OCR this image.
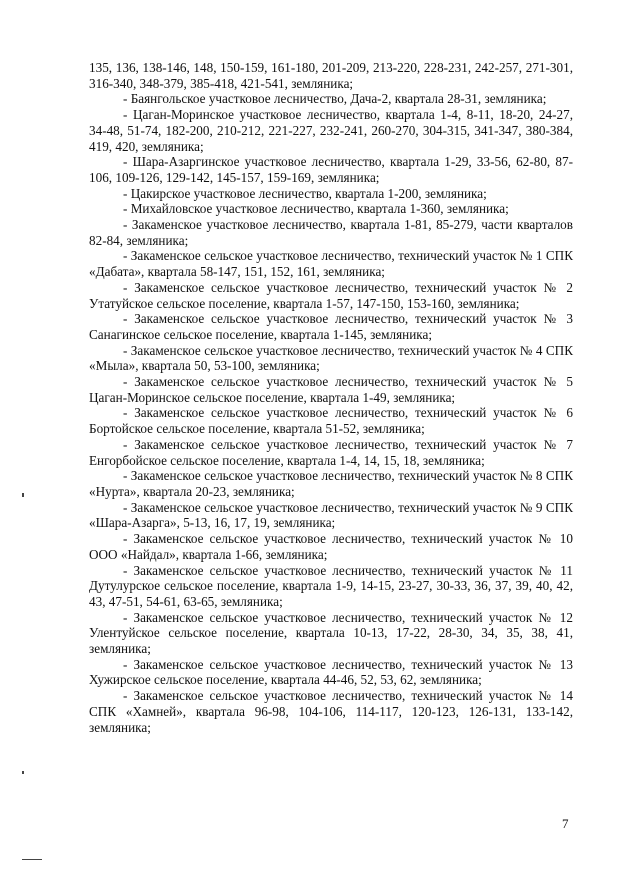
135, 136, 138-146, 148, 150-159, 161-180, 201-209, 213-220, 228-231, 242-257, 271-301, 316-340, 348-379, 385-418, 421-541, земляника;

- Баянгольское участковое лесничество, Дача-2, квартала 28-31, земляника;

- Цаган-Моринское участковое лесничество, квартала 1-4, 8-11, 18-20, 24-27, 34-48, 51-74, 182-200, 210-212, 221-227, 232-241, 260-270, 304-315, 341-347, 380-384, 419, 420, земляника;

- Шара-Азаргинское участковое лесничество, квартала 1-29, 33-56, 62-80, 87-106, 109-126, 129-142, 145-157, 159-169, земляника;

- Цакирское участковое лесничество, квартала 1-200, земляника;

- Михайловское участковое лесничество, квартала 1-360, земляника;

- Закаменское участковое лесничество, квартала 1-81, 85-279, части кварталов 82-84, земляника;

- Закаменское сельское участковое лесничество, технический участок № 1 СПК «Дабата», квартала 58-147, 151, 152, 161, земляника;

- Закаменское сельское участковое лесничество, технический участок № 2 Утатуйское сельское поселение, квартала 1-57, 147-150, 153-160, земляника;

- Закаменское сельское участковое лесничество, технический участок № 3 Санагинское сельское поселение, квартала 1-145, земляника;

- Закаменское сельское участковое лесничество, технический участок № 4 СПК «Мыла», квартала 50, 53-100, земляника;

- Закаменское сельское участковое лесничество, технический участок № 5 Цаган-Моринское сельское поселение, квартала 1-49, земляника;

- Закаменское сельское участковое лесничество, технический участок № 6 Бортойское сельское поселение, квартала 51-52, земляника;

- Закаменское сельское участковое лесничество, технический участок № 7 Енгорбойское сельское поселение, квартала 1-4, 14, 15, 18, земляника;

- Закаменское сельское участковое лесничество, технический участок № 8 СПК «Нурта», квартала 20-23, земляника;

- Закаменское сельское участковое лесничество, технический участок № 9 СПК «Шара-Азарга», 5-13, 16, 17, 19, земляника;

- Закаменское сельское участковое лесничество, технический участок № 10 ООО «Найдал», квартала 1-66, земляника;

- Закаменское сельское участковое лесничество, технический участок № 11 Дутулурское сельское поселение, квартала 1-9, 14-15, 23-27, 30-33, 36, 37, 39, 40, 42, 43, 47-51, 54-61, 63-65, земляника;

- Закаменское сельское участковое лесничество, технический участок № 12 Улентуйское сельское поселение, квартала 10-13, 17-22, 28-30, 34, 35, 38, 41, земляника;

- Закаменское сельское участковое лесничество, технический участок № 13 Хужирское сельское поселение, квартала 44-46, 52, 53, 62, земляника;

- Закаменское сельское участковое лесничество, технический участок № 14 СПК «Хамней», квартала 96-98, 104-106, 114-117, 120-123, 126-131, 133-142, земляника;

7
